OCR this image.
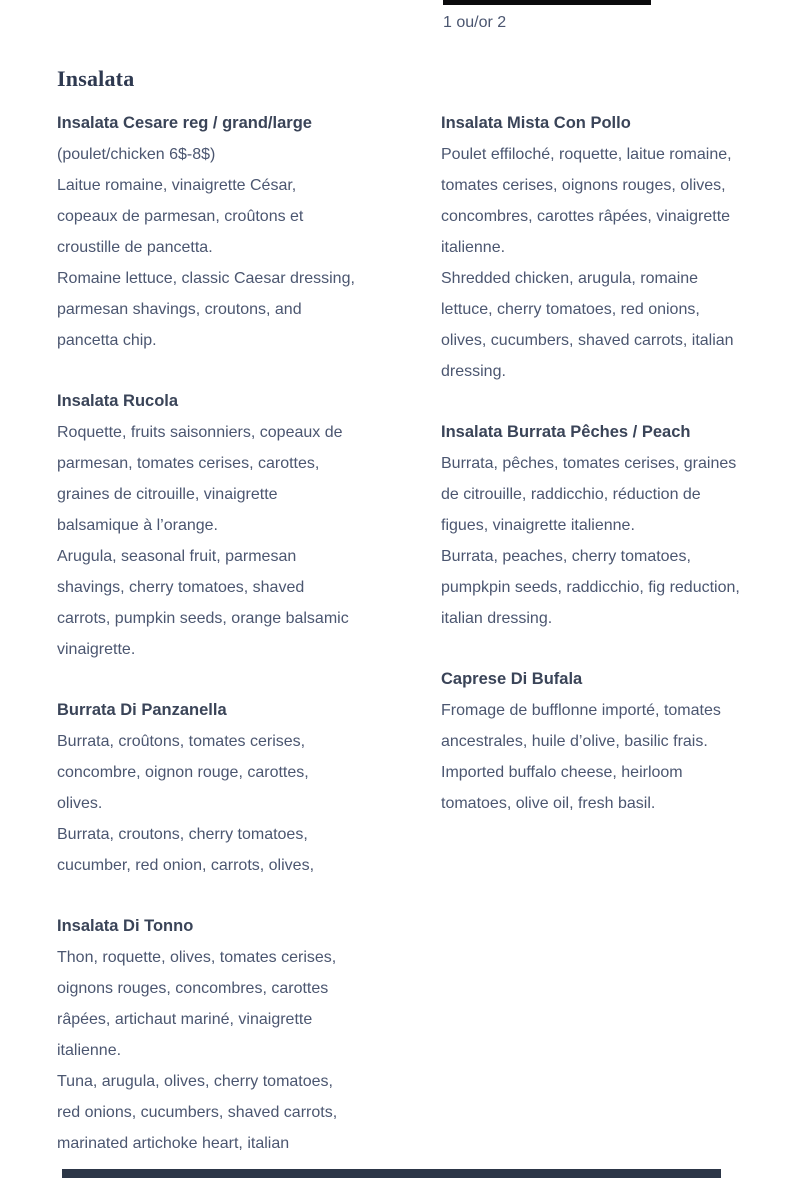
1 ou/or 2
Insalata
Insalata Cesare reg / grand/large

(poulet/chicken 6$-8$)

Laitue romaine, vinaigrette César, copeaux de parmesan, croûtons et croustille de pancetta.

Romaine lettuce, classic Caesar dressing, parmesan shavings, croutons, and pancetta chip.

Insalata Rucola

Roquette, fruits saisonniers, copeaux de parmesan, tomates cerises, carottes, graines de citrouille, vinaigrette balsamique à l’orange.

Arugula, seasonal fruit, parmesan shavings, cherry tomatoes, shaved carrots, pumpkin seeds, orange balsamic vinaigrette.

Burrata Di Panzanella

Burrata, croûtons, tomates cerises, concombre, oignon rouge, carottes, olives.

Burrata, croutons, cherry tomatoes, cucumber, red onion, carrots, olives,

Insalata Di Tonno

Thon, roquette, olives, tomates cerises, oignons rouges, concombres, carottes râpées, artichaut mariné, vinaigrette italienne.

Tuna, arugula, olives, cherry tomatoes, red onions, cucumbers, shaved carrots,

marinated artichoke heart, italian

Insalata Mista Con Pollo

Poulet effiloché, roquette, laitue romaine, tomates cerises, oignons rouges, olives, concombres, carottes râpées, vinaigrette italienne.

Shredded chicken, arugula, romaine lettuce, cherry tomatoes, red onions, olives, cucumbers, shaved carrots, italian dressing.

Insalata Burrata Pêches / Peach

Burrata, pêches, tomates cerises, graines de citrouille, raddicchio, réduction de figues, vinaigrette italienne.

Burrata, peaches, cherry tomatoes, pumpkpin seeds, raddicchio, fig reduction, italian dressing.

Caprese Di Bufala

Fromage de bufflonne importé, tomates ancestrales, huile d’olive, basilic frais.

Imported buffalo cheese, heirloom tomatoes, olive oil, fresh basil.
